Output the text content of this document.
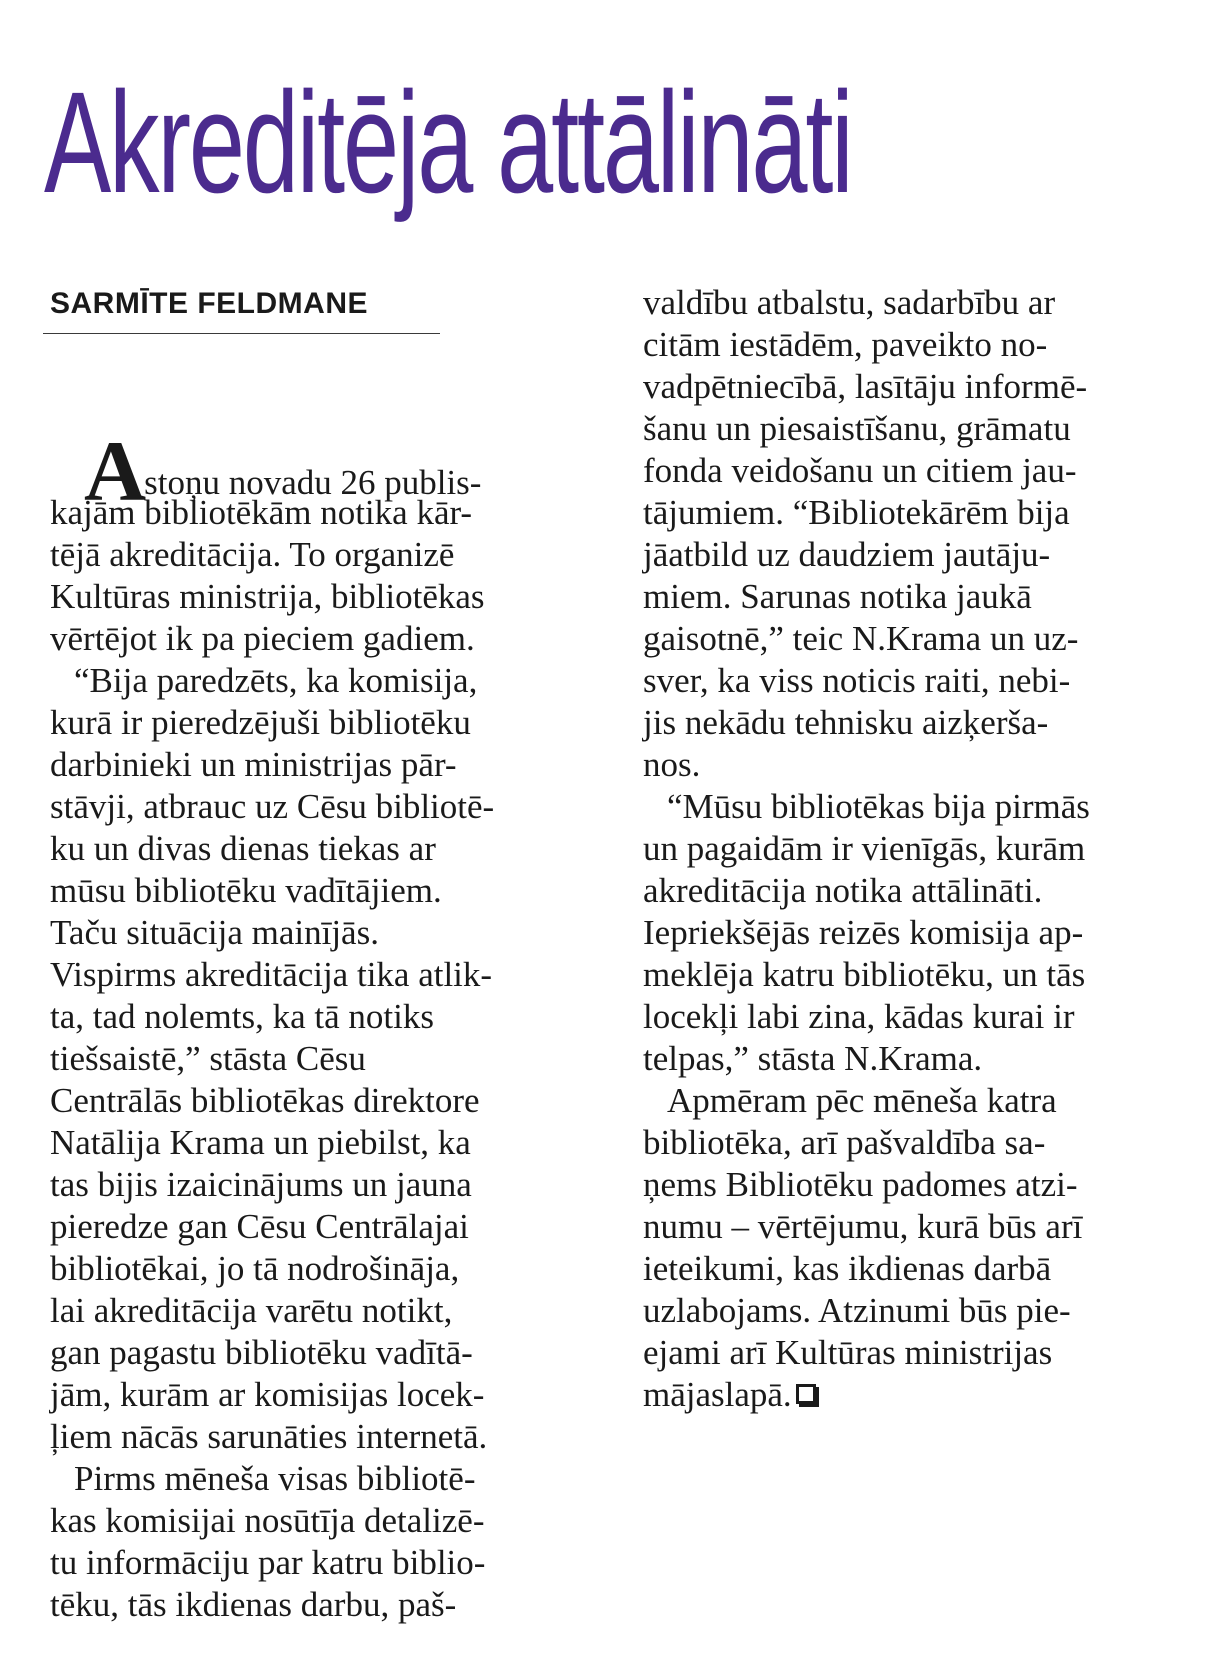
Akreditēja attālināti
SARMĪTE FELDMANE
Astoņu novadu 26 publis-
kajām bibliotēkām notika kār-
tējā akreditācija. To organizē
Kultūras ministrija, bibliotēkas
vērtējot ik pa pieciem gadiem.
“Bija paredzēts, ka komisija,
kurā ir pieredzējuši bibliotēku
darbinieki un ministrijas pār-
stāvji, atbrauc uz Cēsu bibliotē-
ku un divas dienas tiekas ar
mūsu bibliotēku vadītājiem.
Taču situācija mainījās.
Vispirms akreditācija tika atlik-
ta, tad nolemts, ka tā notiks
tiešsaistē,” stāsta Cēsu
Centrālās bibliotēkas direktore
Natālija Krama un piebilst, ka
tas bijis izaicinājums un jauna
pieredze gan Cēsu Centrālajai
bibliotēkai, jo tā nodrošināja,
lai akreditācija varētu notikt,
gan pagastu bibliotēku vadītā-
jām, kurām ar komisijas locek-
ļiem nācās sarunāties internetā.
Pirms mēneša visas bibliotē-
kas komisijai nosūtīja detalizē-
tu informāciju par katru biblio-
tēku, tās ikdienas darbu, paš-
valdību atbalstu, sadarbību ar
citām iestādēm, paveikto no-
vadpētniecībā, lasītāju informē-
šanu un piesaistīšanu, grāmatu
fonda veidošanu un citiem jau-
tājumiem. “Bibliotekārēm bija
jāatbild uz daudziem jautāju-
miem. Sarunas notika jaukā
gaisotnē,” teic N.Krama un uz-
sver, ka viss noticis raiti, nebi-
jis nekādu tehnisku aizķerša-
nos.
“Mūsu bibliotēkas bija pirmās
un pagaidām ir vienīgās, kurām
akreditācija notika attālināti.
Iepriekšējās reizēs komisija ap-
meklēja katru bibliotēku, un tās
locekļi labi zina, kādas kurai ir
telpas,” stāsta N.Krama.
Apmēram pēc mēneša katra
bibliotēka, arī pašvaldība sa-
ņems Bibliotēku padomes atzi-
numu – vērtējumu, kurā būs arī
ieteikumi, kas ikdienas darbā
uzlabojams. Atzinumi būs pie-
ejami arī Kultūras ministrijas
mājaslapā.
